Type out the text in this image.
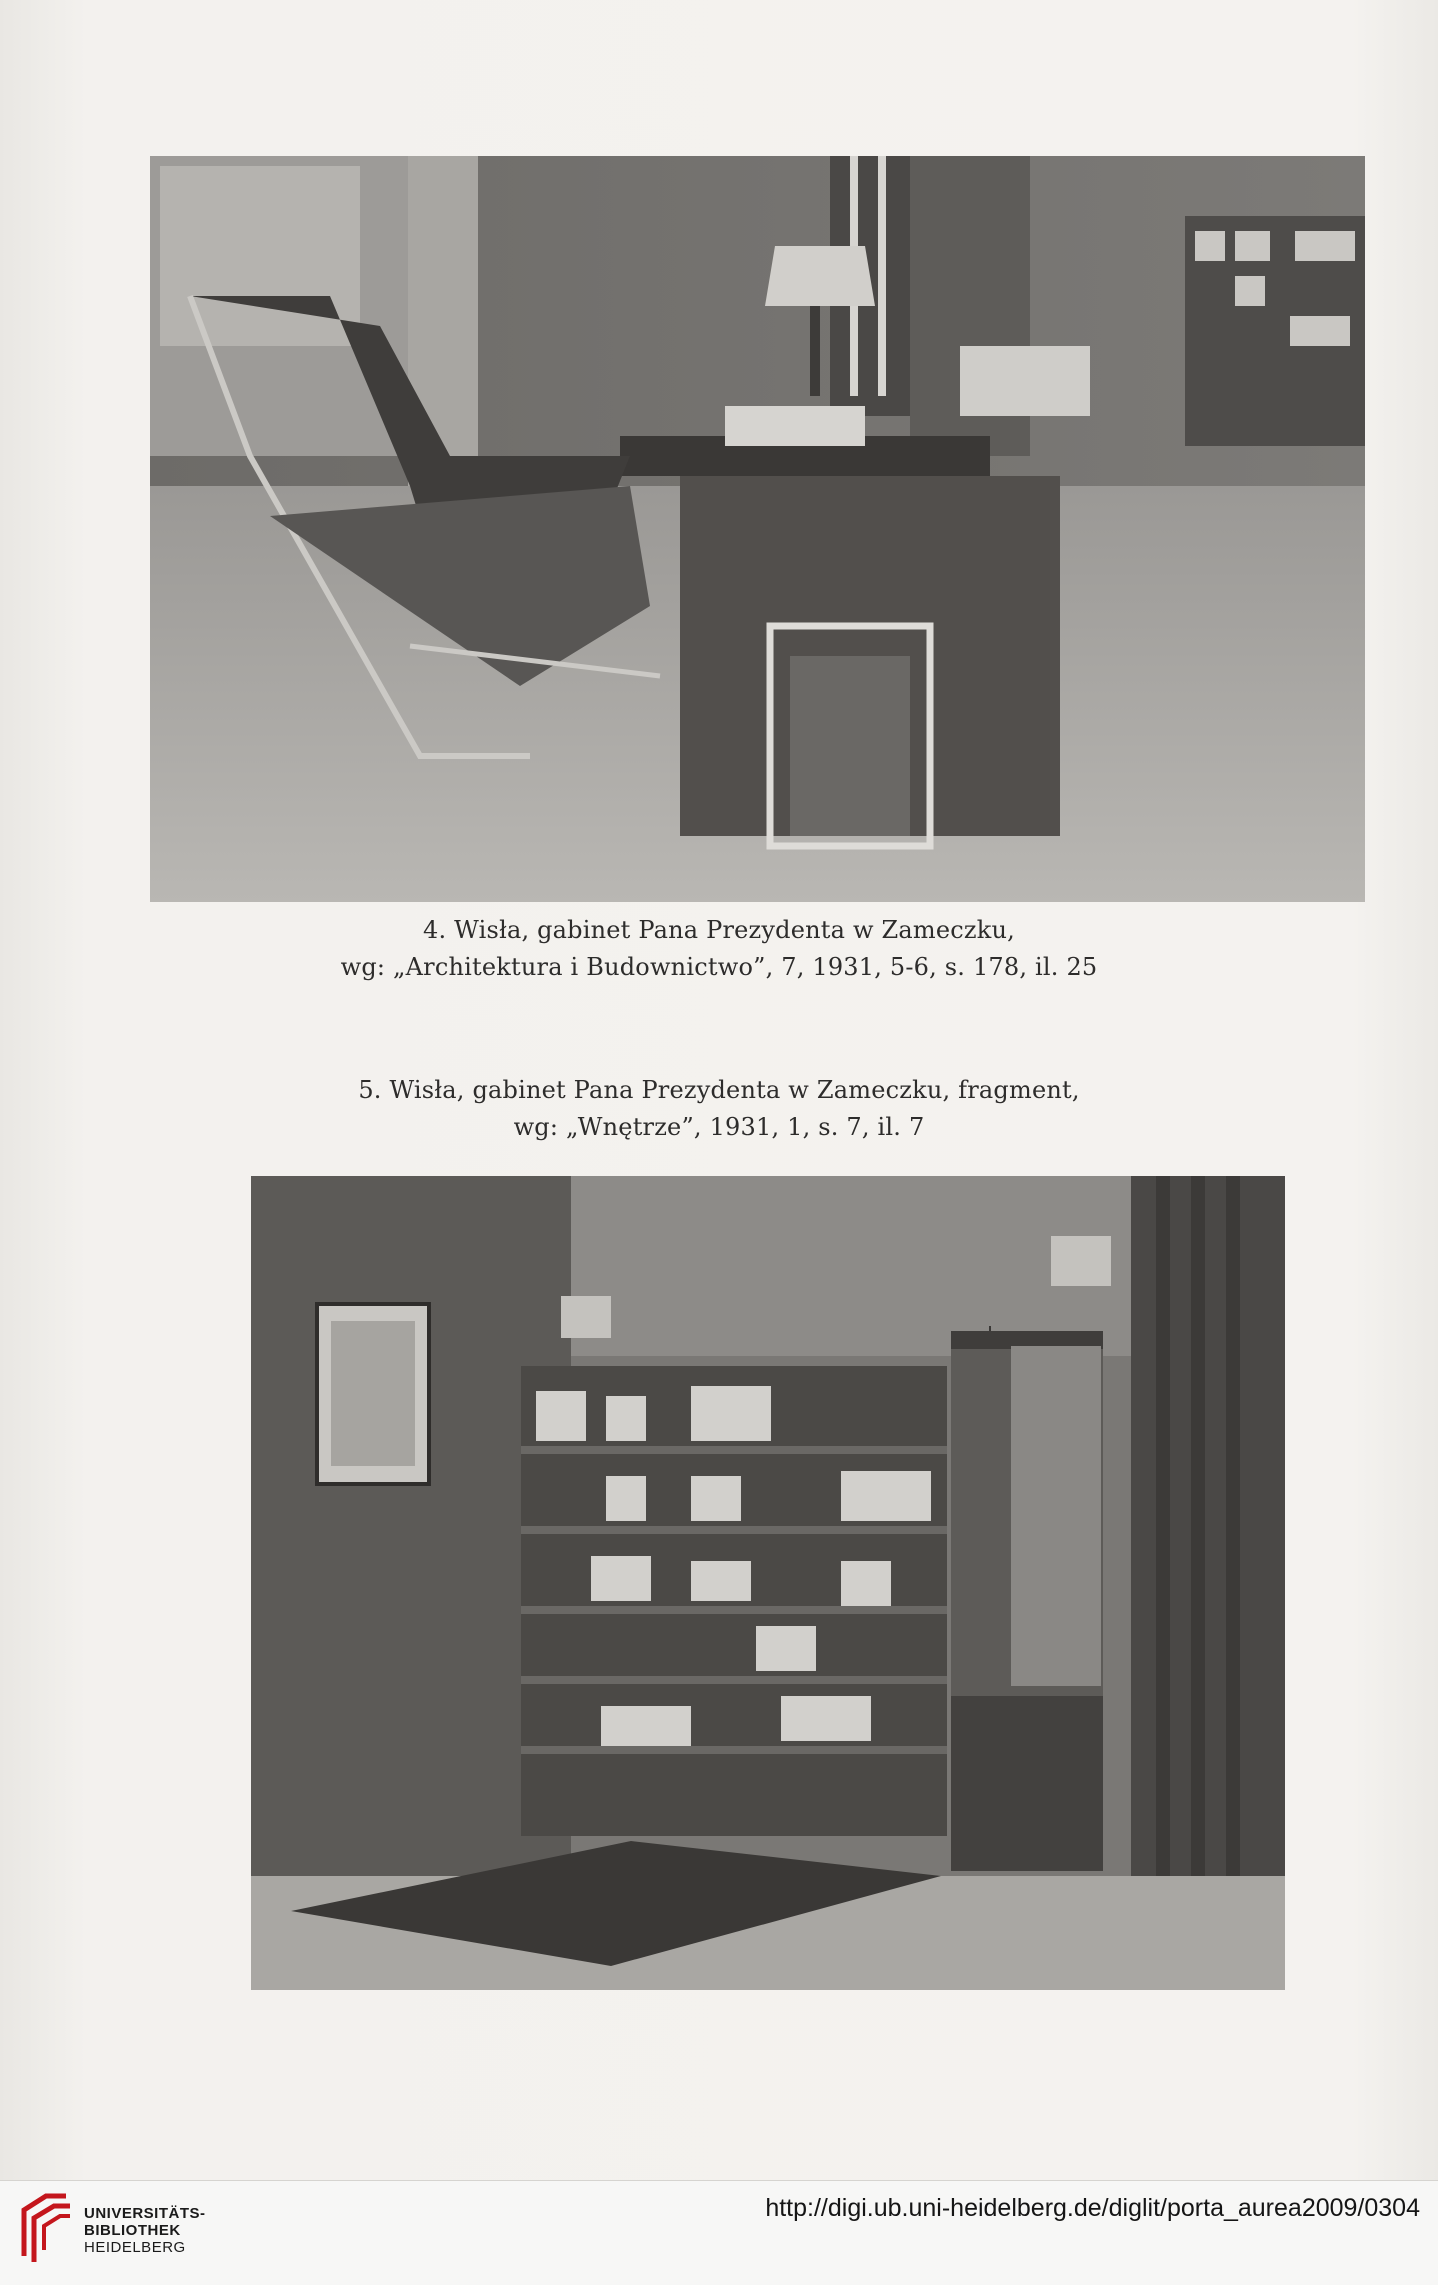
4. Wisła, gabinet Pana Prezydenta w Zameczku,
wg: „Architektura i Budownictwo”, 7, 1931, 5-6, s. 178, il. 25
5. Wisła, gabinet Pana Prezydenta w Zameczku, fragment,
wg: „Wnętrze”, 1931, 1, s. 7, il. 7
UNIVERSITÄTS-
BIBLIOTHEK
HEIDELBERG
http://digi.ub.uni-heidelberg.de/diglit/porta_aurea2009/0304
